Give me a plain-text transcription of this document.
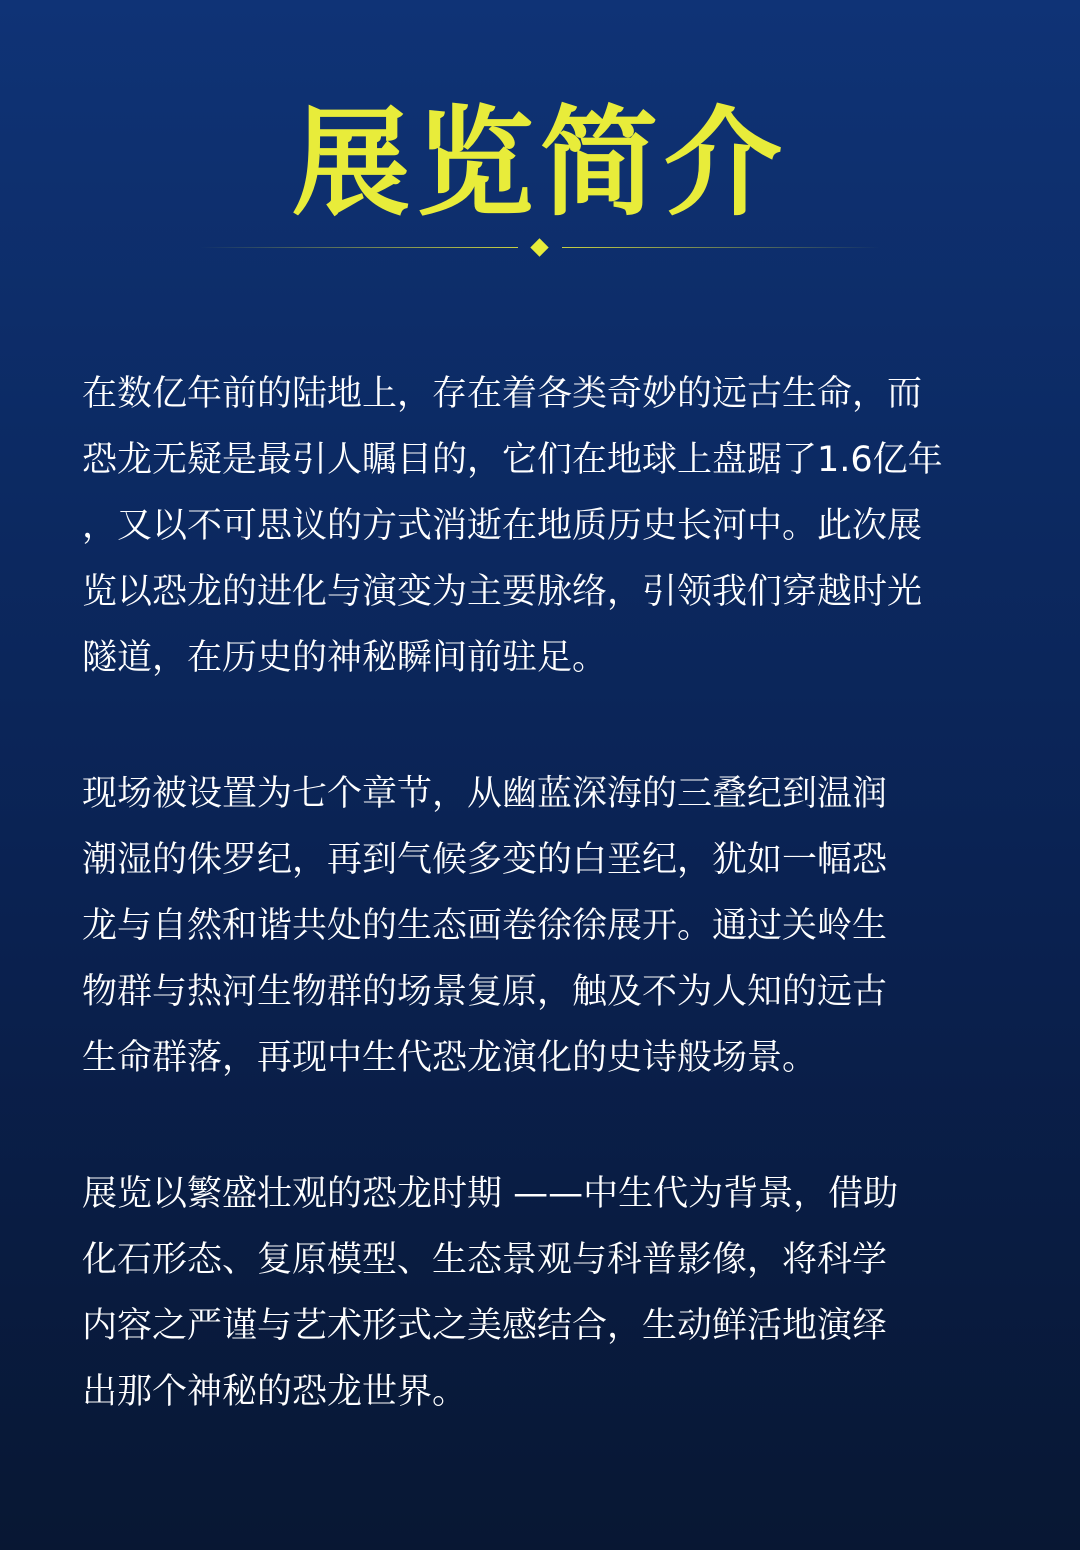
展览简介

在数亿年前的陆地上，存在着各类奇妙的远古生命，而
恐龙无疑是最引人瞩目的，它们在地球上盘踞了1.6亿年
，又以不可思议的方式消逝在地质历史长河中。此次展
览以恐龙的进化与演变为主要脉络，引领我们穿越时光
隧道，在历史的神秘瞬间前驻足。

现场被设置为七个章节，从幽蓝深海的三叠纪到温润
潮湿的侏罗纪，再到气候多变的白垩纪，犹如一幅恐
龙与自然和谐共处的生态画卷徐徐展开。通过关岭生
物群与热河生物群的场景复原，触及不为人知的远古
生命群落，再现中生代恐龙演化的史诗般场景。

展览以繁盛壮观的恐龙时期 ——中生代为背景，借助
化石形态、复原模型、生态景观与科普影像，将科学
内容之严谨与艺术形式之美感结合，生动鲜活地演绎
出那个神秘的恐龙世界。
